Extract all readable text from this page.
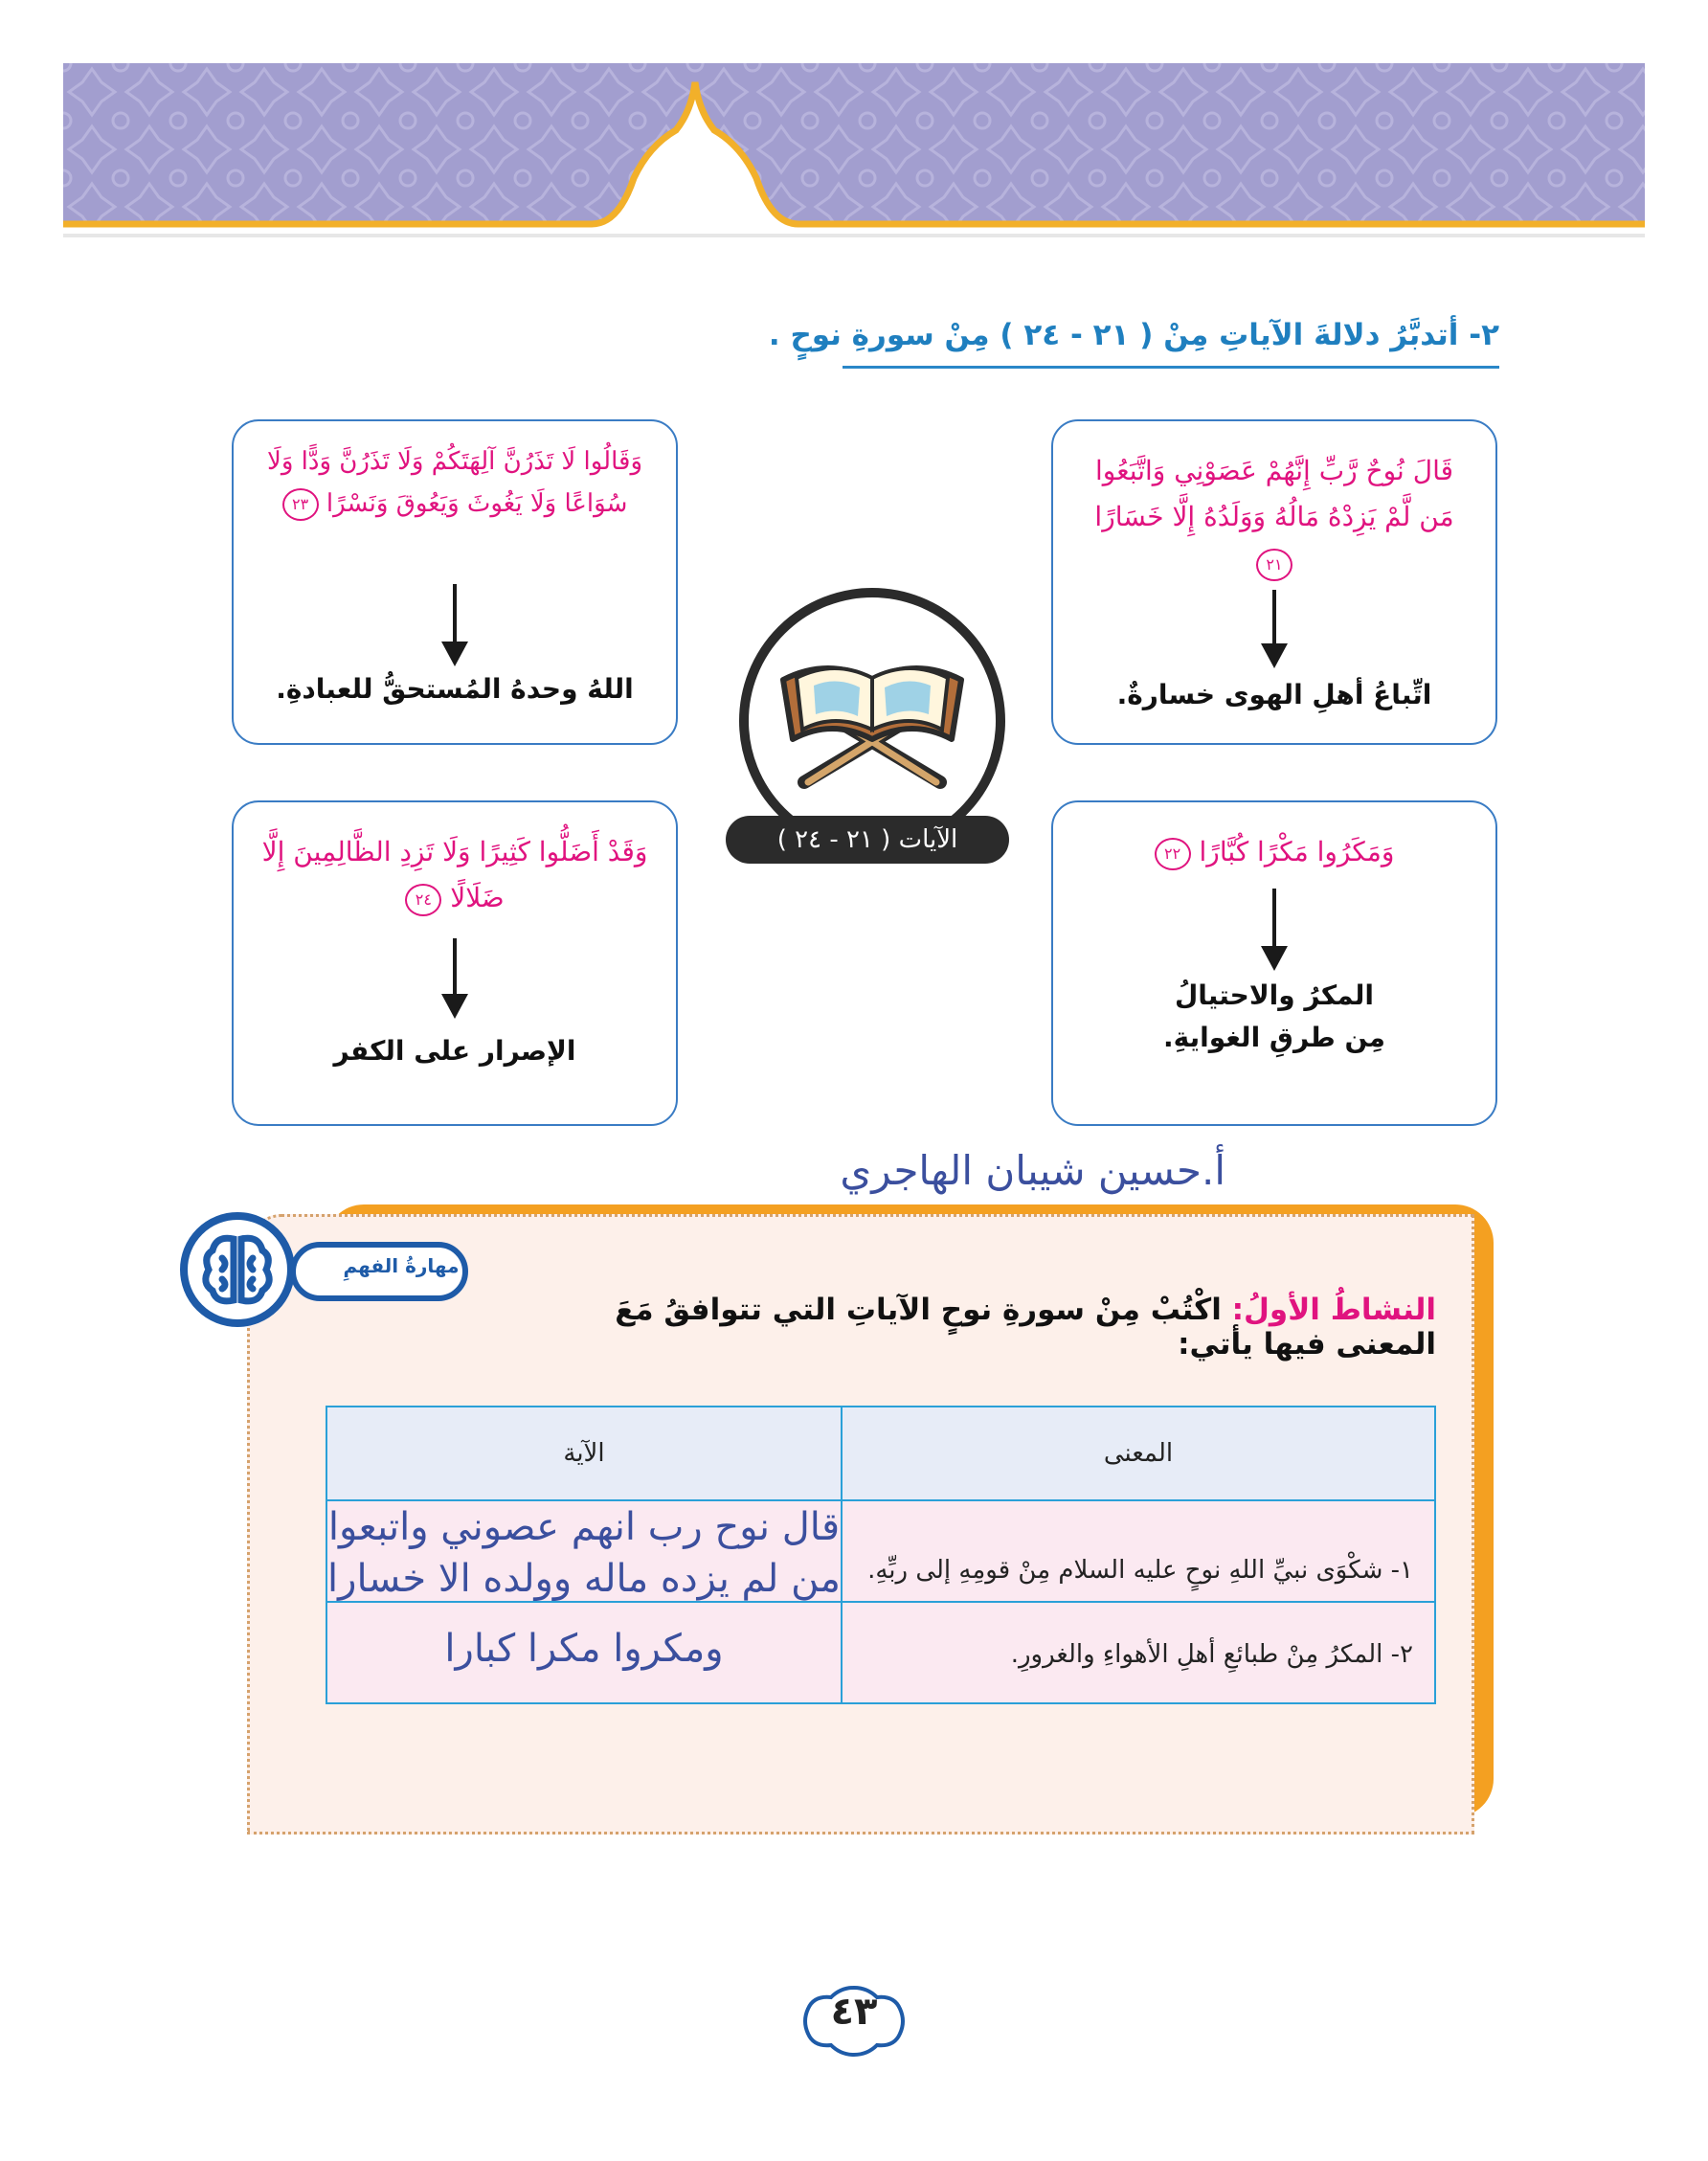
٢- أتدبَّرُ دلالةَ الآياتِ مِنْ ( ٢١ - ٢٤ ) مِنْ سورةِ نوحٍ .
قَالَ نُوحٌ رَّبِّ إِنَّهُمْ عَصَوْنِي وَاتَّبَعُوا مَن لَّمْ يَزِدْهُ مَالُهُ وَوَلَدُهُ إِلَّا خَسَارًا ٢١
اتِّباعُ أهلِ الهوى خسارةٌ.
وَقَالُوا لَا تَذَرُنَّ آلِهَتَكُمْ وَلَا تَذَرُنَّ وَدًّا وَلَا سُوَاعًا وَلَا يَغُوثَ وَيَعُوقَ وَنَسْرًا ٢٣
اللهُ وحدهُ المُستحقُّ للعبادةِ.
وَمَكَرُوا مَكْرًا كُبَّارًا ٢٢
المكرُ والاحتيالُ مِن طرقِ الغوايةِ.
وَقَدْ أَضَلُّوا كَثِيرًا وَلَا تَزِدِ الظَّالِمِينَ إِلَّا ضَلَالًا ٢٤
الإصرار على الكفر
الآيات ( ٢١ - ٢٤ )
أ.حسين شيبان الهاجري
مهارةُ الفهمِ
النشاطُ الأولُ: اكْتُبْ مِنْ سورةِ نوحٍ الآياتِ التي تتوافقُ مَعَ المعنى فيها يأتي:
المعنى
الآية
١- شكْوَى نبيِّ اللهِ نوحٍ عليه السلام مِنْ قومِهِ إلى ربِّهِ.
قال نوح رب انهم عصوني واتبعوا
من لم يزده ماله وولده الا خسارا
٢- المكرُ مِنْ طبائعِ أهلِ الأهواءِ والغرورِ.
ومكروا مكرا كبارا
٤٣
